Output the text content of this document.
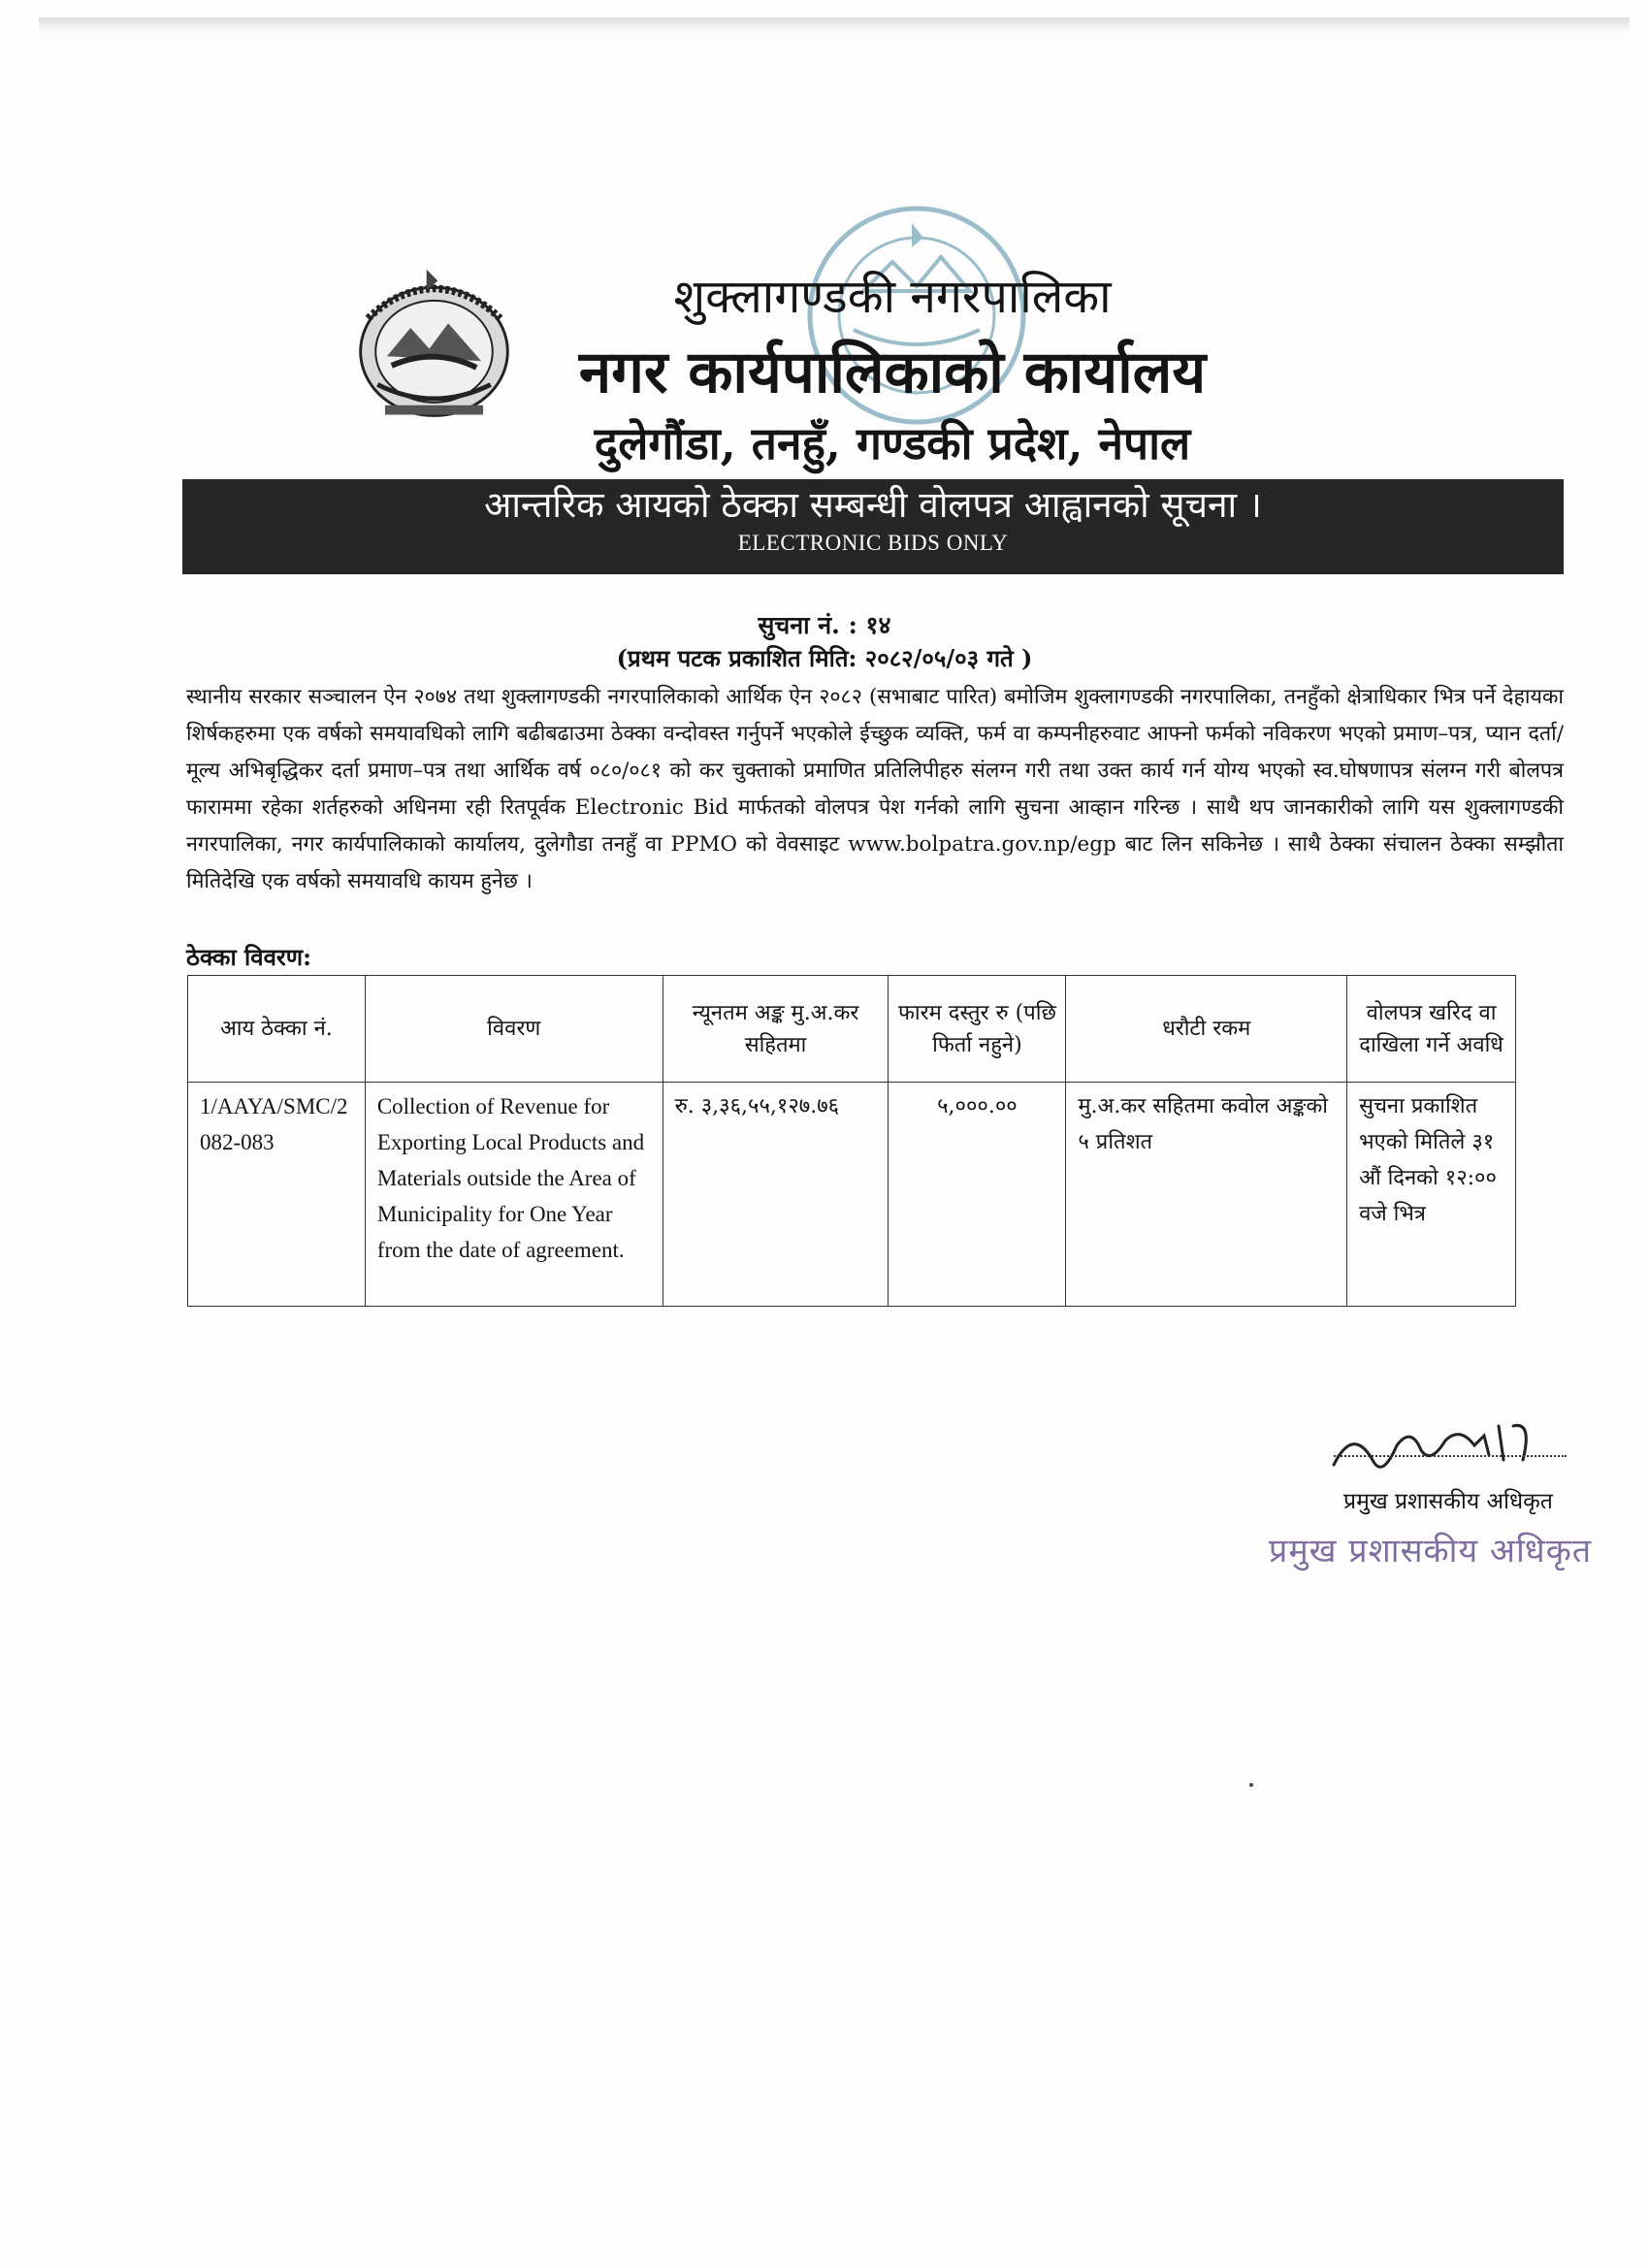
शुक्लागण्डकी नगरपालिका
नगर कार्यपालिकाको कार्यालय
दुलेगौंडा, तनहुँ, गण्डकी प्रदेश, नेपाल
आन्तरिक आयको ठेक्का सम्बन्धी वोलपत्र आह्वानको सूचना ।
ELECTRONIC BIDS ONLY
सुचना नं. : १४
(प्रथम पटक प्रकाशित मिति: २०८२/०५/०३ गते )
स्थानीय सरकार सञ्चालन ऐन २०७४ तथा शुक्लागण्डकी नगरपालिकाको आर्थिक ऐन २०८२ (सभाबाट पारित) बमोजिम शुक्लागण्डकी नगरपालिका, तनहुँको क्षेत्राधिकार भित्र पर्ने देहायका शिर्षकहरुमा एक वर्षको समयावधिको लागि बढीबढाउमा ठेक्का वन्दोवस्त गर्नुपर्ने भएकोले ईच्छुक व्यक्ति, फर्म वा कम्पनीहरुवाट आफ्नो फर्मको नविकरण भएको प्रमाण–पत्र, प्यान दर्ता/मूल्य अभिबृद्धिकर दर्ता प्रमाण–पत्र तथा आर्थिक वर्ष ०८०/०८१ को कर चुक्ताको प्रमाणित प्रतिलिपीहरु संलग्न गरी तथा उक्त कार्य गर्न योग्य भएको स्व.घोषणापत्र संलग्न गरी बोलपत्र फाराममा रहेका शर्तहरुको अधिनमा रही रितपूर्वक Electronic Bid मार्फतको वोलपत्र पेश गर्नको लागि सुचना आव्हान गरिन्छ । साथै थप जानकारीको लागि यस शुक्लागण्डकी नगरपालिका, नगर कार्यपालिकाको कार्यालय, दुलेगौडा तनहुँ वा PPMO को वेवसाइट www.bolpatra.gov.np/egp बाट लिन सकिनेछ । साथै ठेक्का संचालन ठेक्का सम्झौता मितिदेखि एक वर्षको समयावधि कायम हुनेछ ।
ठेक्का विवरण:
आय ठेक्का नं.	विवरण	न्यूनतम अङ्क मु.अ.कर सहितमा	फारम दस्तुर रु (पछि फिर्ता नहुने)	धरौटी रकम	वोलपत्र खरिद वा दाखिला गर्ने अवधि
1/AAYA/SMC/2082-083	Collection of Revenue for Exporting Local Products and Materials outside the Area of Municipality for One Year from the date of agreement.	रु. ३,३६,५५,१२७.७६	५,०००.००	मु.अ.कर सहितमा कवोल अङ्कको ५ प्रतिशत	सुचना प्रकाशित भएको मितिले ३१ औं दिनको १२:०० वजे भित्र
प्रमुख प्रशासकीय अधिकृत
प्रमुख प्रशासकीय अधिकृत
